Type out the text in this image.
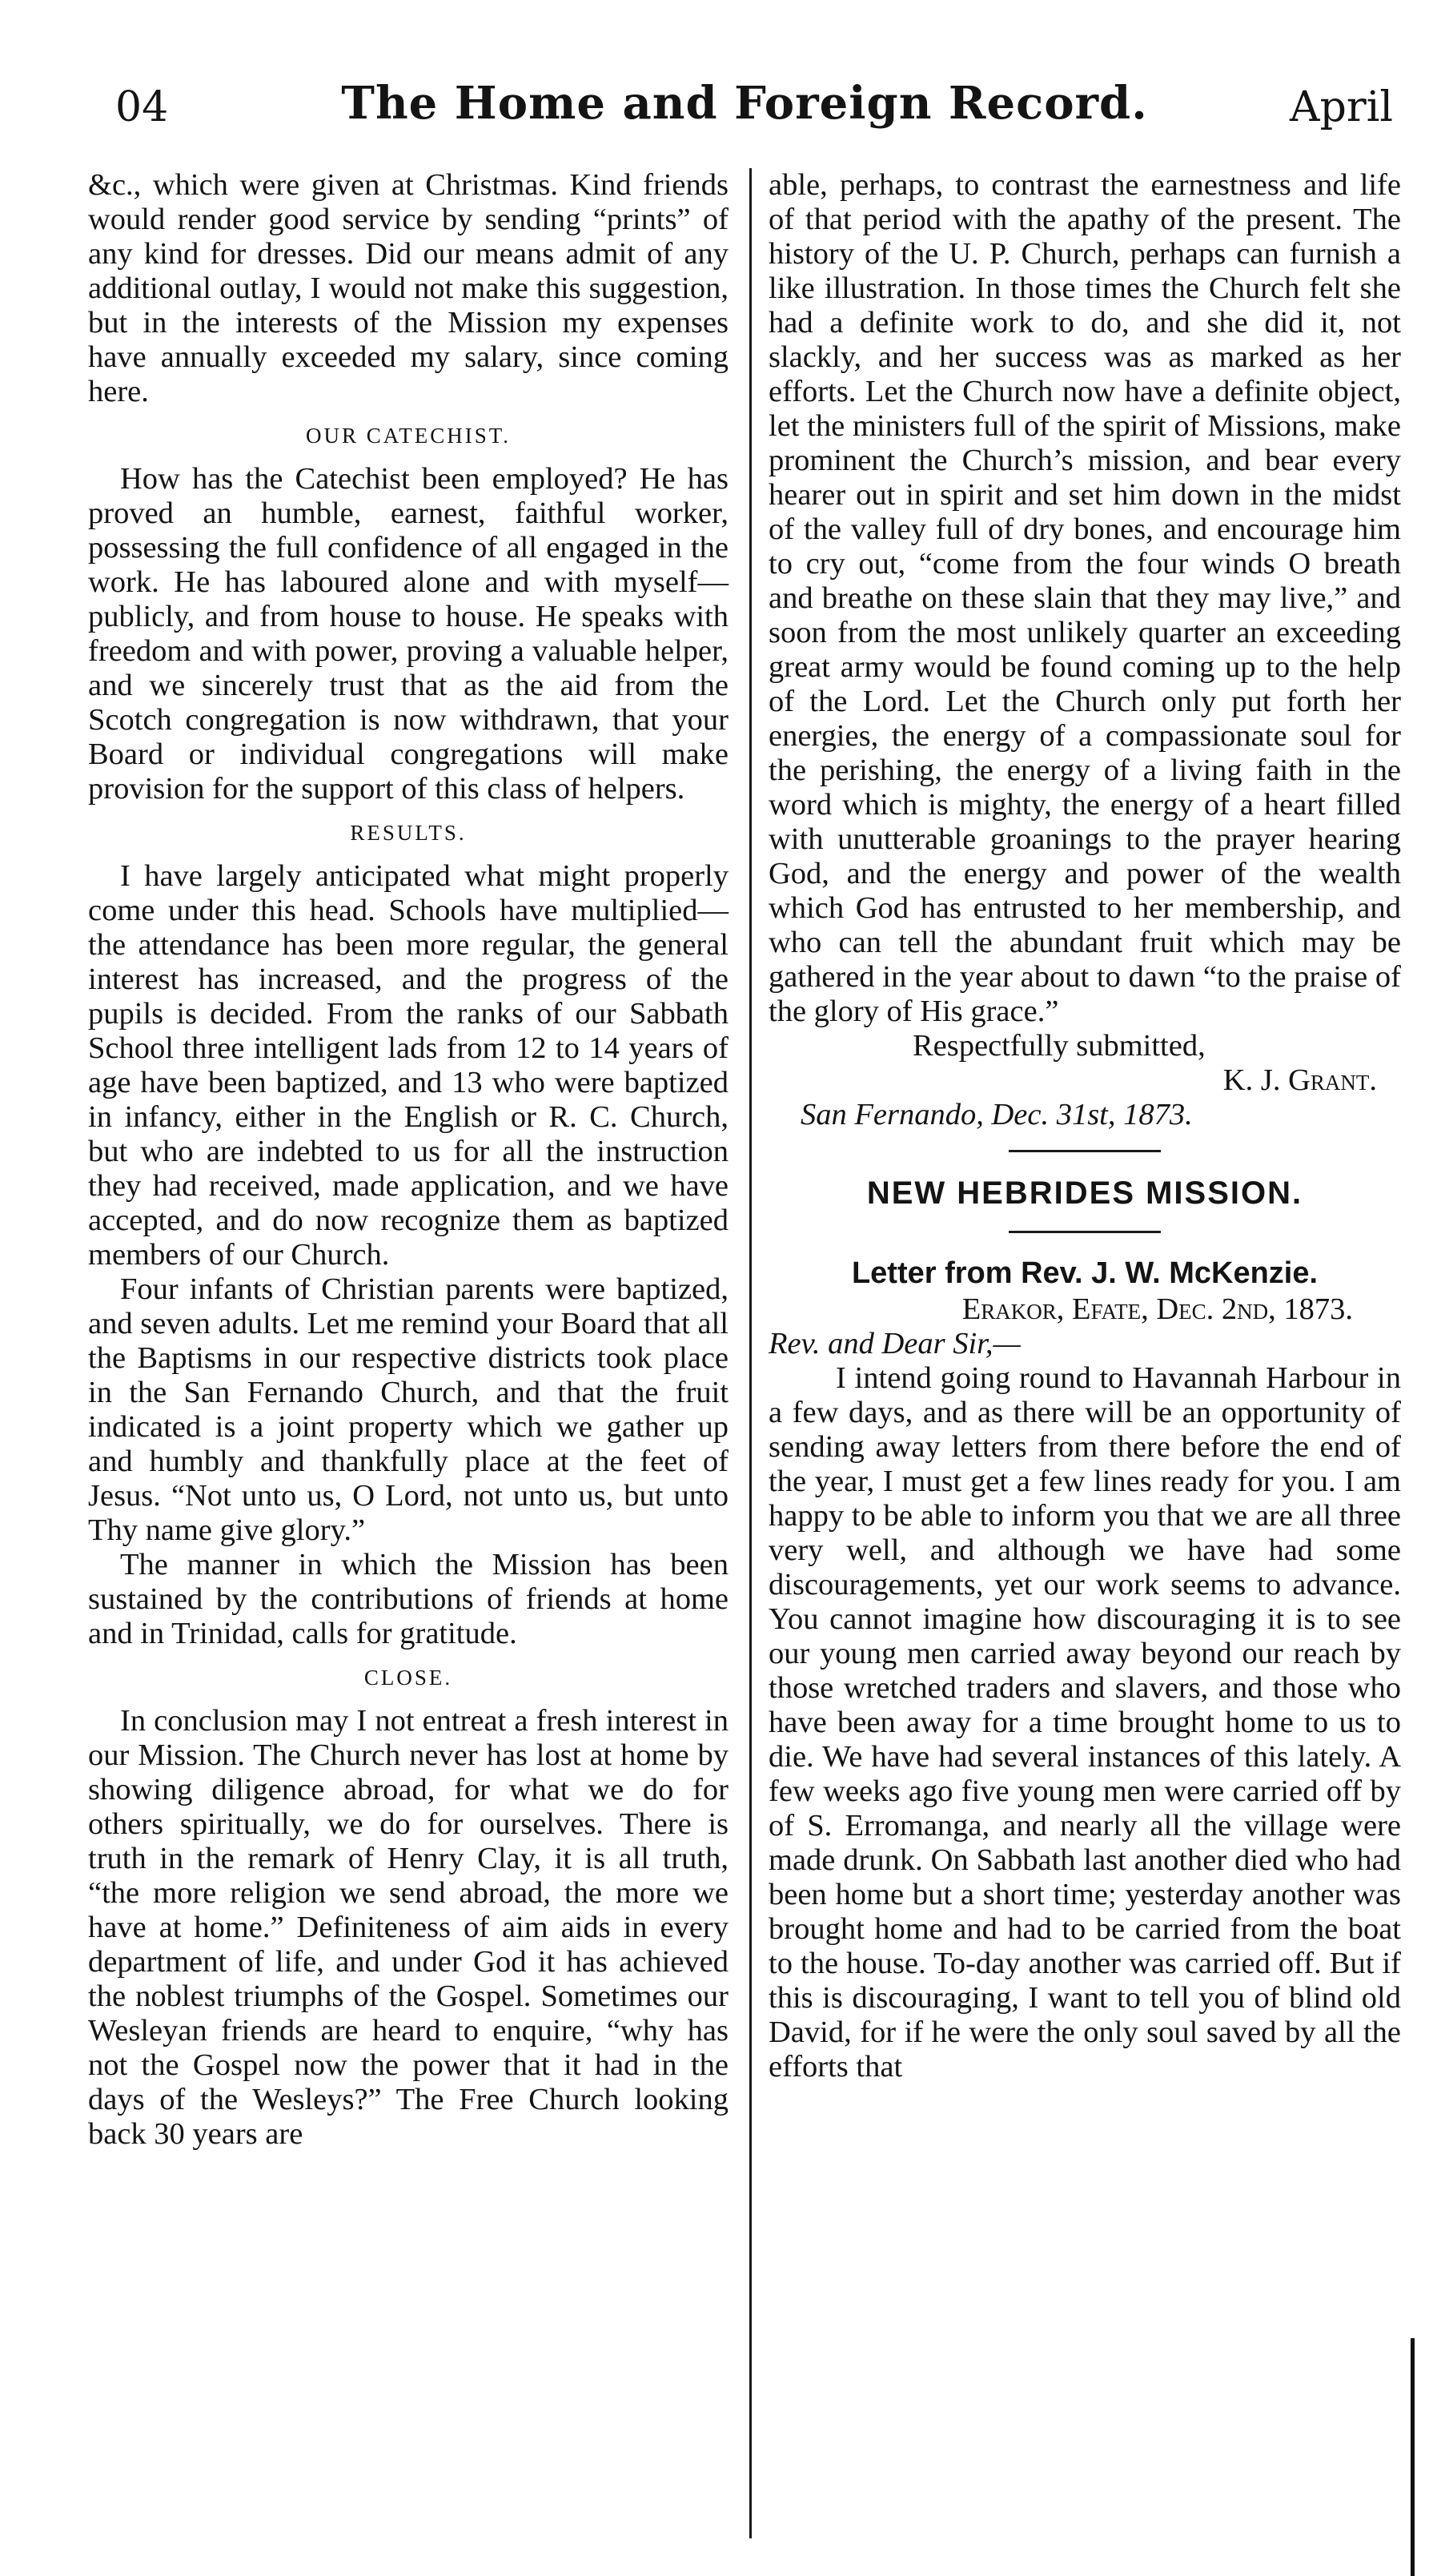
04	The Home and Foreign Record.	April

&c., which were given at Christmas. Kind friends would render good service by sending “prints” of any kind for dresses. Did our means admit of any additional outlay, I would not make this suggestion, but in the interests of the Mission my expenses have annually exceeded my salary, since coming here.

OUR CATECHIST.

How has the Catechist been employed? He has proved an humble, earnest, faithful worker, possessing the full confidence of all engaged in the work. He has laboured alone and with myself—publicly, and from house to house. He speaks with freedom and with power, proving a valuable helper, and we sincerely trust that as the aid from the Scotch congregation is now withdrawn, that your Board or individual congregations will make provision for the support of this class of helpers.

RESULTS.

I have largely anticipated what might properly come under this head. Schools have multiplied—the attendance has been more regular, the general interest has increased, and the progress of the pupils is decided. From the ranks of our Sabbath School three intelligent lads from 12 to 14 years of age have been baptized, and 13 who were baptized in infancy, either in the English or R. C. Church, but who are indebted to us for all the instruction they had received, made application, and we have accepted, and do now recognize them as baptized members of our Church.

Four infants of Christian parents were baptized, and seven adults. Let me remind your Board that all the Baptisms in our respective districts took place in the San Fernando Church, and that the fruit indicated is a joint property which we gather up and humbly and thankfully place at the feet of Jesus. “Not unto us, O Lord, not unto us, but unto Thy name give glory.”

The manner in which the Mission has been sustained by the contributions of friends at home and in Trinidad, calls for gratitude.

CLOSE.

In conclusion may I not entreat a fresh interest in our Mission. The Church never has lost at home by showing diligence abroad, for what we do for others spiritually, we do for ourselves. There is truth in the remark of Henry Clay, it is all truth, “the more religion we send abroad, the more we have at home.” Definiteness of aim aids in every department of life, and under God it has achieved the noblest triumphs of the Gospel. Sometimes our Wesleyan friends are heard to enquire, “why has not the Gospel now the power that it had in the days of the Wesleys?” The Free Church looking back 30 years are

able, perhaps, to contrast the earnestness and life of that period with the apathy of the present. The history of the U. P. Church, perhaps can furnish a like illustration. In those times the Church felt she had a definite work to do, and she did it, not slackly, and her success was as marked as her efforts. Let the Church now have a definite object, let the ministers full of the spirit of Missions, make prominent the Church’s mission, and bear every hearer out in spirit and set him down in the midst of the valley full of dry bones, and encourage him to cry out, “come from the four winds O breath and breathe on these slain that they may live,” and soon from the most unlikely quarter an exceeding great army would be found coming up to the help of the Lord. Let the Church only put forth her energies, the energy of a compassionate soul for the perishing, the energy of a living faith in the word which is mighty, the energy of a heart filled with unutterable groanings to the prayer hearing God, and the energy and power of the wealth which God has entrusted to her membership, and who can tell the abundant fruit which may be gathered in the year about to dawn “to the praise of the glory of His grace.”

Respectfully submitted,

K. J. Grant.

San Fernando, Dec. 31st, 1873.

NEW HEBRIDES MISSION.
Letter from Rev. J. W. McKenzie.

Erakor, Efate, Dec. 2nd, 1873.

Rev. and Dear Sir,—

I intend going round to Havannah Harbour in a few days, and as there will be an opportunity of sending away letters from there before the end of the year, I must get a few lines ready for you. I am happy to be able to inform you that we are all three very well, and although we have had some discouragements, yet our work seems to advance. You cannot imagine how discouraging it is to see our young men carried away beyond our reach by those wretched traders and slavers, and those who have been away for a time brought home to us to die. We have had several instances of this lately. A few weeks ago five young men were carried off by of S. Erromanga, and nearly all the village were made drunk. On Sabbath last another died who had been home but a short time; yesterday another was brought home and had to be carried from the boat to the house. To-day another was carried off. But if this is discouraging, I want to tell you of blind old David, for if he were the only soul saved by all the efforts that
